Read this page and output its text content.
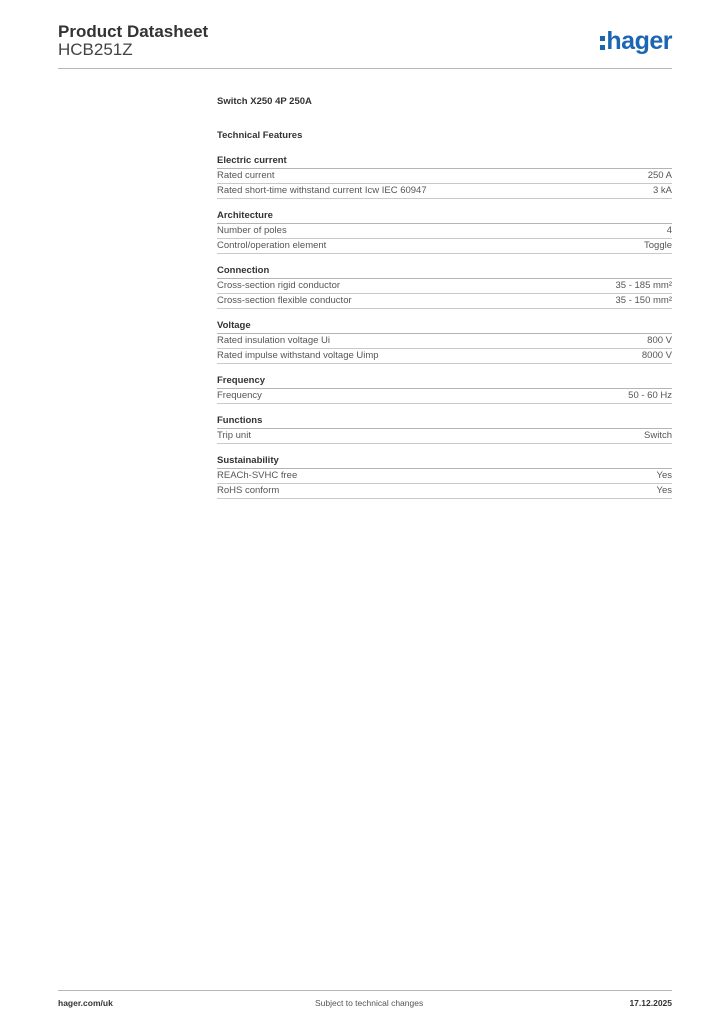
Product Datasheet
HCB251Z	hager
Switch X250 4P 250A
Technical Features
Electric current
Rated current	250 A
Rated short-time withstand current Icw IEC 60947	3 kA
Architecture
Number of poles	4
Control/operation element	Toggle
Connection
Cross-section rigid conductor	35 - 185 mm²
Cross-section flexible conductor	35 - 150 mm²
Voltage
Rated insulation voltage Ui	800 V
Rated impulse withstand voltage Uimp	8000 V
Frequency
Frequency	50 - 60 Hz
Functions
Trip unit	Switch
Sustainability
REACh-SVHC free	Yes
RoHS conform	Yes
hager.com/uk	Subject to technical changes	17.12.2025
